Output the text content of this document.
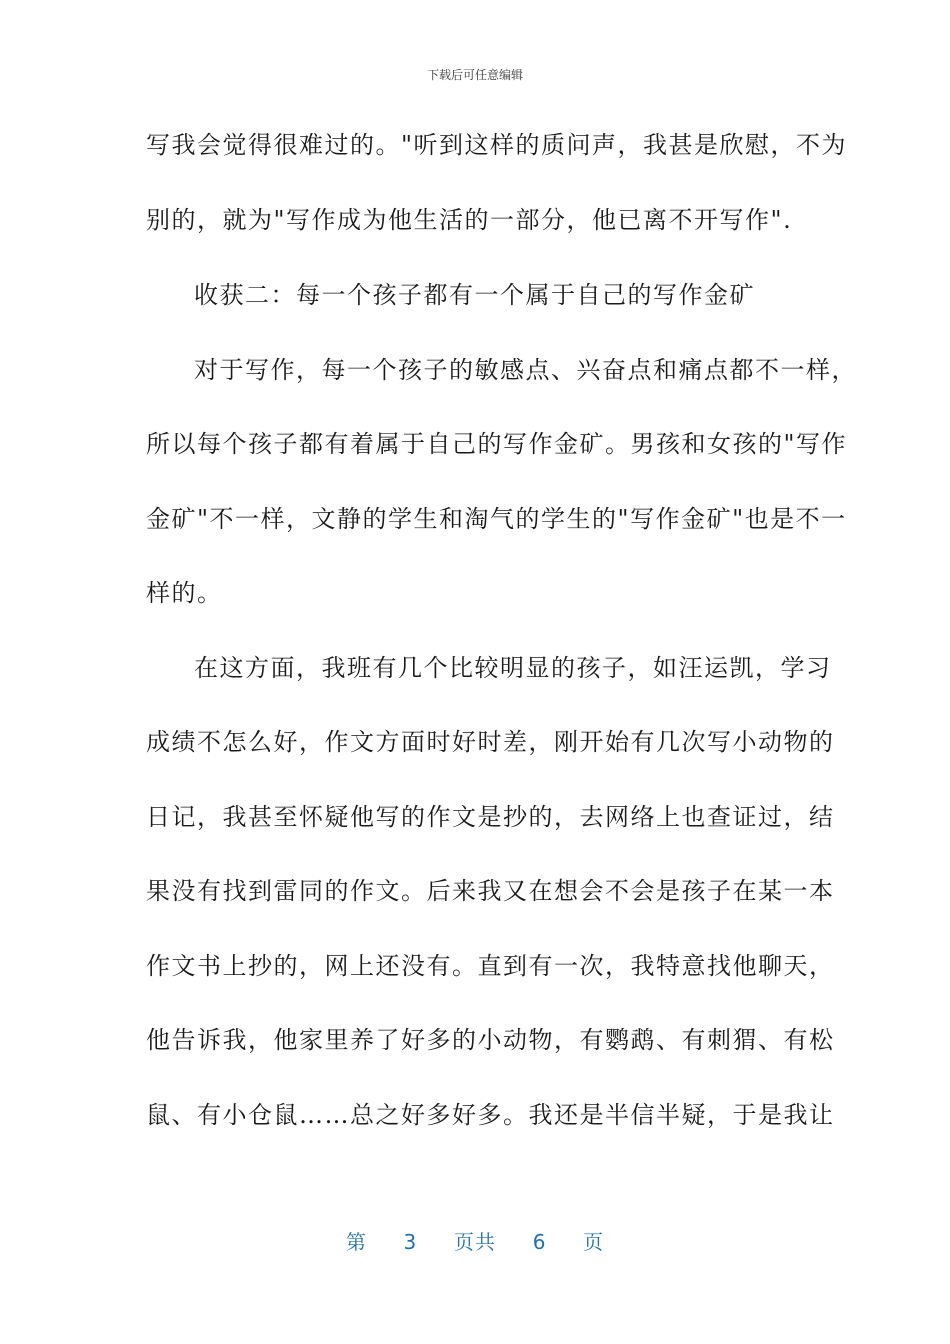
下载后可任意编辑
写我会觉得很难过的。"听到这样的质问声，我甚是欣慰，不为
别的，就为"写作成为他生活的一部分，他已离不开写作".
收获二：每一个孩子都有一个属于自己的写作金矿
对于写作，每一个孩子的敏感点、兴奋点和痛点都不一样，
所以每个孩子都有着属于自己的写作金矿。男孩和女孩的"写作
金矿"不一样，文静的学生和淘气的学生的"写作金矿"也是不一
样的。
在这方面，我班有几个比较明显的孩子，如汪运凯，学习
成绩不怎么好，作文方面时好时差，刚开始有几次写小动物的
日记，我甚至怀疑他写的作文是抄的，去网络上也查证过，结
果没有找到雷同的作文。后来我又在想会不会是孩子在某一本
作文书上抄的，网上还没有。直到有一次，我特意找他聊天，
他告诉我，他家里养了好多的小动物，有鹦鹉、有刺猬、有松
鼠、有小仓鼠……总之好多好多。我还是半信半疑，于是我让
第 3 页共 6 页
